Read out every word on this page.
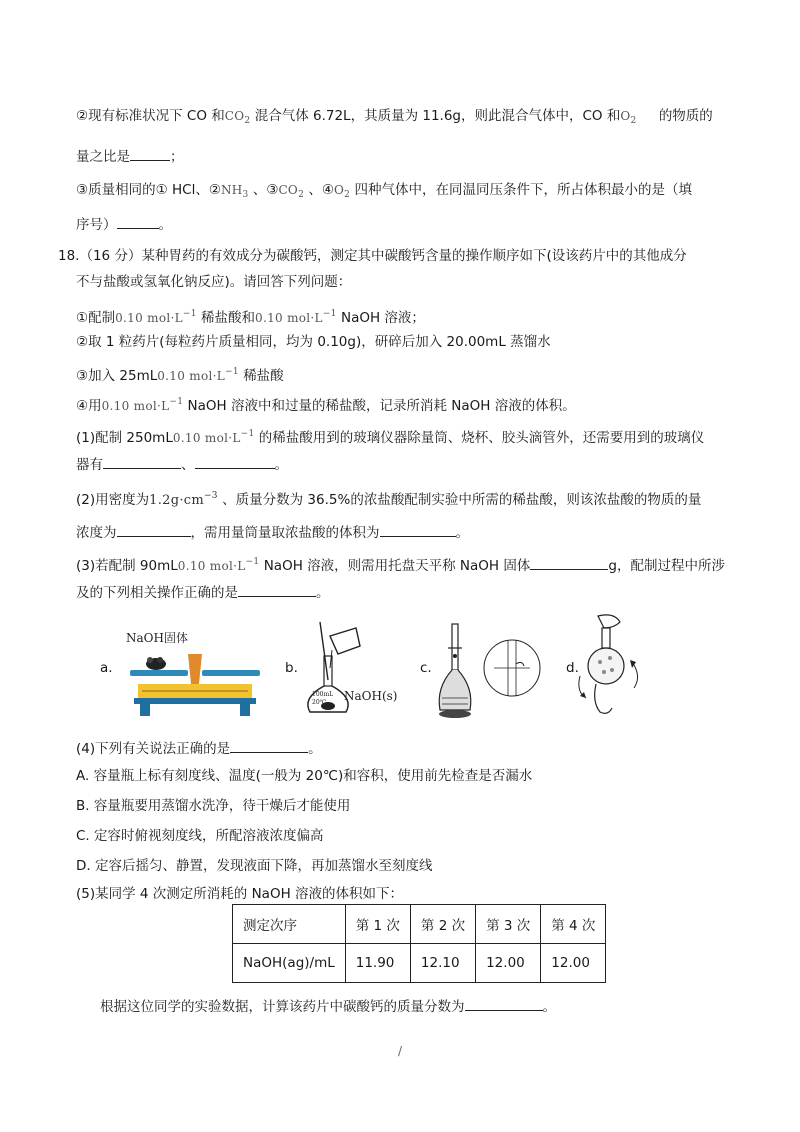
②现有标准状况下 CO 和$CO_2$ 混合气体 6.72L，其质量为 11.6g，则此混合气体中，CO 和$O_2$ 的物质的
量之比是	；
③质量相同的① HCl、$②NH_3$ 、$③CO_2$ 、$④O_2$ 四种气体中，在同温同压条件下，所占体积最小的是（填
序号）	。
18.（16 分）某种胃药的有效成分为碳酸钙，测定其中碳酸钙含量的操作顺序如下(设该药片中的其他成分
不与盐酸或氢氧化钠反应)。请回答下列问题：
①配制0.10 $mol\cdot L^{-1}$ 稀盐酸和0.10 $mol\cdot L^{-1}$ NaOH 溶液；
②取 1 粒药片(每粒药片质量相同，均为 0.10g)，研碎后加入 20.00mL 蒸馏水
③加入 25mL0.10 $mol\cdot L^{-1}$ 稀盐酸
④用0.10 $mol\cdot L^{-1}$ NaOH 溶液中和过量的稀盐酸，记录所消耗 NaOH 溶液的体积。
(1)配制 250mL0.10 $mol\cdot L^{-1}$ 的稀盐酸用到的玻璃仪器除量筒、烧杯、胶头滴管外，还需要用到的玻璃仪
器有	、	。
(2)用密度为$1.2g\cdot cm^{-3}$ 、质量分数为 36.5%的浓盐酸配制实验中所需的稀盐酸，则该浓盐酸的物质的量
浓度为	，需用量筒量取浓盐酸的体积为	。
(3)若配制 90mL0.10 $mol\cdot L^{-1}$ NaOH 溶液，则需用托盘天平称 NaOH 固体	g，配制过程中所涉
及的下列相关操作正确的是	。
a.
NaOH固体
b.
100mL
20℃ NaOH(s)
c.	d.
(4)下列有关说法正确的是	。
A. 容量瓶上标有刻度线、温度(一般为 20℃)和容积，使用前先检查是否漏水
B. 容量瓶要用蒸馏水洗净，待干燥后才能使用
C. 定容时俯视刻度线，所配溶液浓度偏高
D. 定容后摇匀、静置，发现液面下降，再加蒸馏水至刻度线
(5)某同学 4 次测定所消耗的 NaOH 溶液的体积如下：
测定次序	第 1 次	第 2 次	第 3 次	第 4 次
NaOH(ag)/mL	11.90	12.10	12.00	12.00
根据这位同学的实验数据，计算该药片中碳酸钙的质量分数为	。
/
